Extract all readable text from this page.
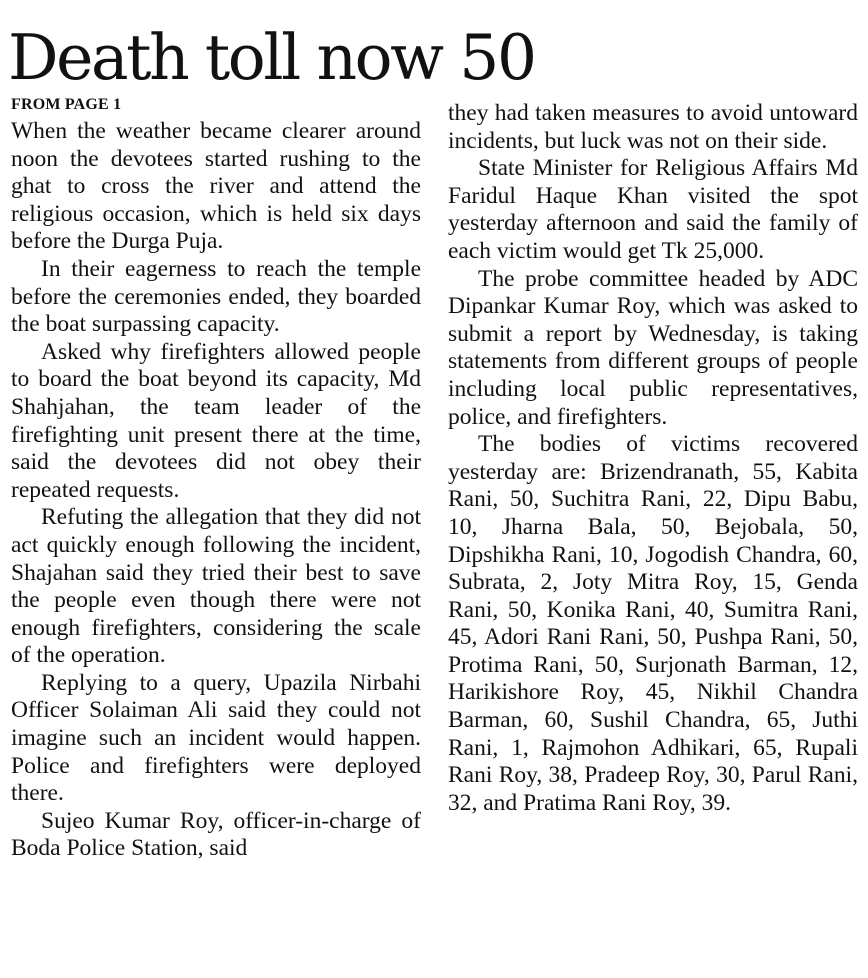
Death toll now 50
FROM PAGE 1

When the weather became clearer around noon the devotees started rushing to the ghat to cross the river and attend the religious occasion, which is held six days before the Durga Puja.

In their eagerness to reach the temple before the ceremonies ended, they boarded the boat surpassing capacity.

Asked why firefighters allowed people to board the boat beyond its capacity, Md Shahjahan, the team leader of the firefighting unit present there at the time, said the devotees did not obey their repeated requests.

Refuting the allegation that they did not act quickly enough following the incident, Shajahan said they tried their best to save the people even though there were not enough firefighters, considering the scale of the operation.

Replying to a query, Upazila Nirbahi Officer Solaiman Ali said they could not imagine such an incident would happen. Police and firefighters were deployed there.

Sujeo Kumar Roy, officer-in-charge of Boda Police Station, said

they had taken measures to avoid untoward incidents, but luck was not on their side.

State Minister for Religious Affairs Md Faridul Haque Khan visited the spot yesterday afternoon and said the family of each victim would get Tk 25,000.

The probe committee headed by ADC Dipankar Kumar Roy, which was asked to submit a report by Wednesday, is taking statements from different groups of people including local public representatives, police, and firefighters.

The bodies of victims recovered yesterday are: Brizendranath, 55, Kabita Rani, 50, Suchitra Rani, 22, Dipu Babu, 10, Jharna Bala, 50, Bejobala, 50, Dipshikha Rani, 10, Jogodish Chandra, 60, Subrata, 2, Joty Mitra Roy, 15, Genda Rani, 50, Konika Rani, 40, Sumitra Rani, 45, Adori Rani Rani, 50, Pushpa Rani, 50, Protima Rani, 50, Surjonath Barman, 12, Harikishore Roy, 45, Nikhil Chandra Barman, 60, Sushil Chandra, 65, Juthi Rani, 1, Rajmohon Adhikari, 65, Rupali Rani Roy, 38, Pradeep Roy, 30, Parul Rani, 32, and Pratima Rani Roy, 39.
